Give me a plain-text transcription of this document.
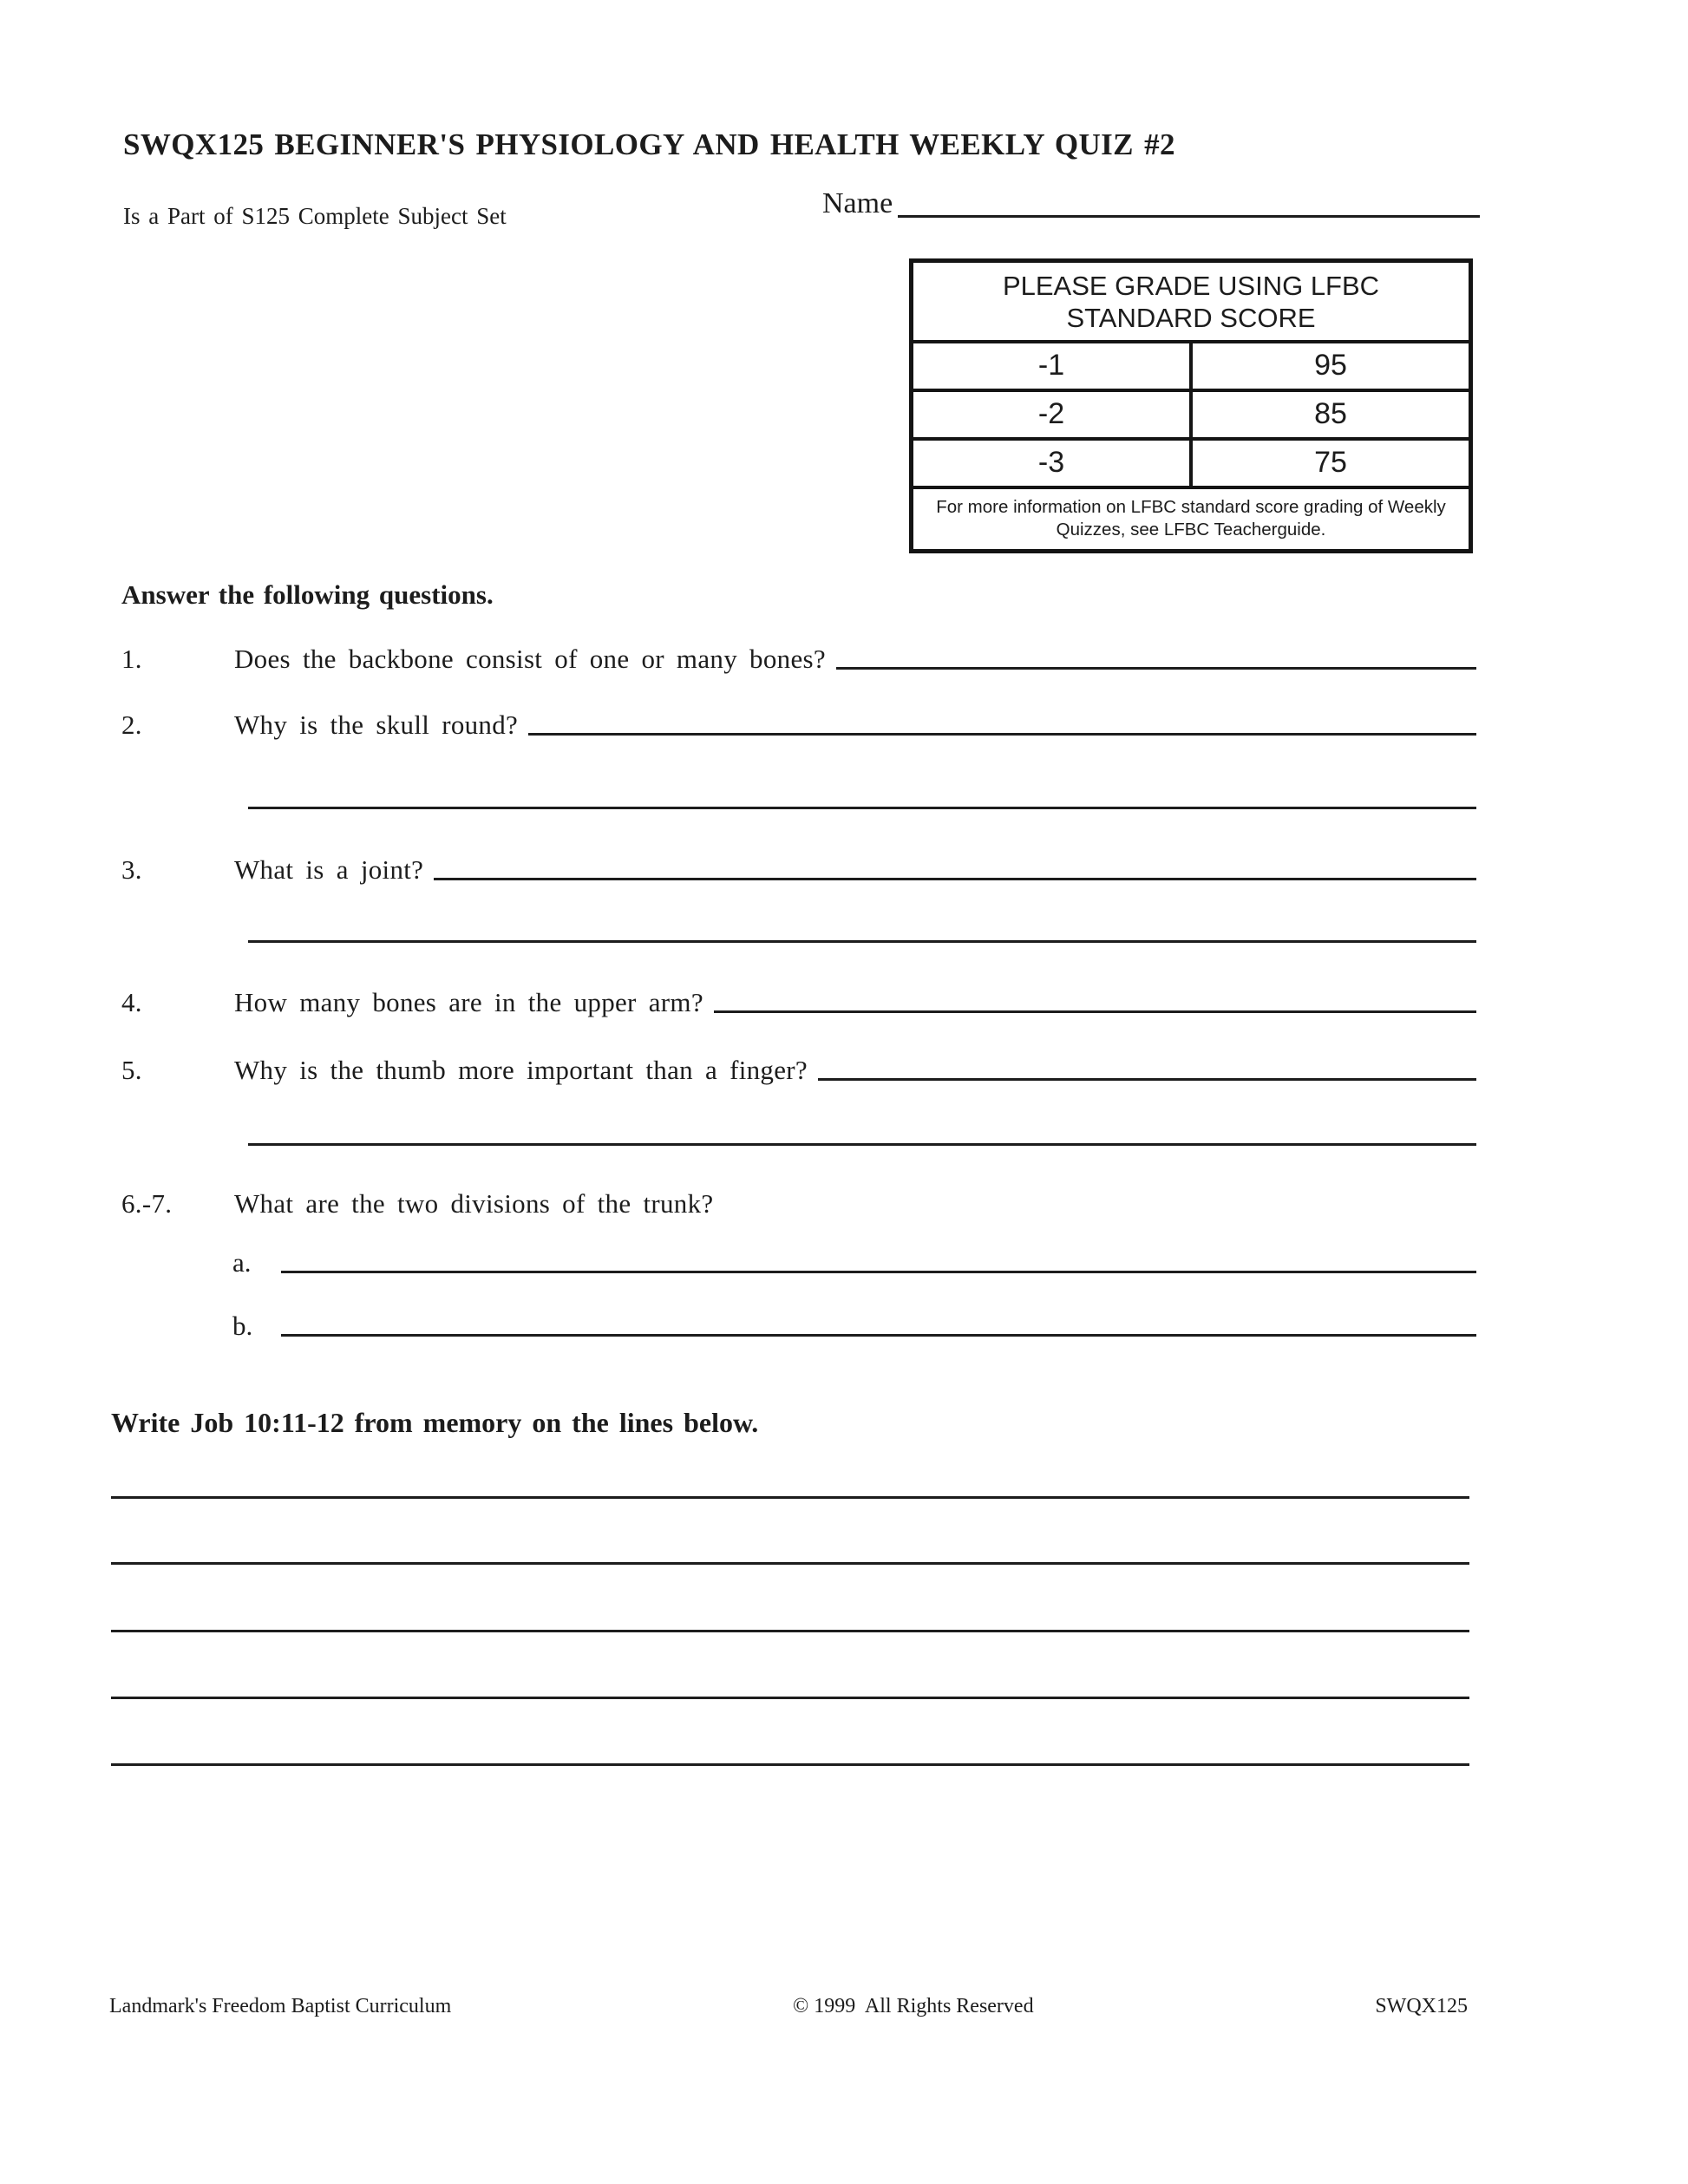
SWQX125 BEGINNER'S PHYSIOLOGY AND HEALTH WEEKLY QUIZ #2
Is a Part of S125 Complete Subject Set	Name
PLEASE GRADE USING LFBC STANDARD SCORE
-1	95
-2	85
-3	75
For more information on LFBC standard score grading of Weekly Quizzes, see LFBC Teacherguide.
Answer the following questions.
1.	Does the backbone consist of one or many bones?
2.	Why is the skull round?
3.	What is a joint?
4.	How many bones are in the upper arm?
5.	Why is the thumb more important than a finger?
6.-7.	What are the two divisions of the trunk?
a.
b.
Write Job 10:11-12 from memory on the lines below.
Landmark's Freedom Baptist Curriculum	© 1999  All Rights Reserved	SWQX125
